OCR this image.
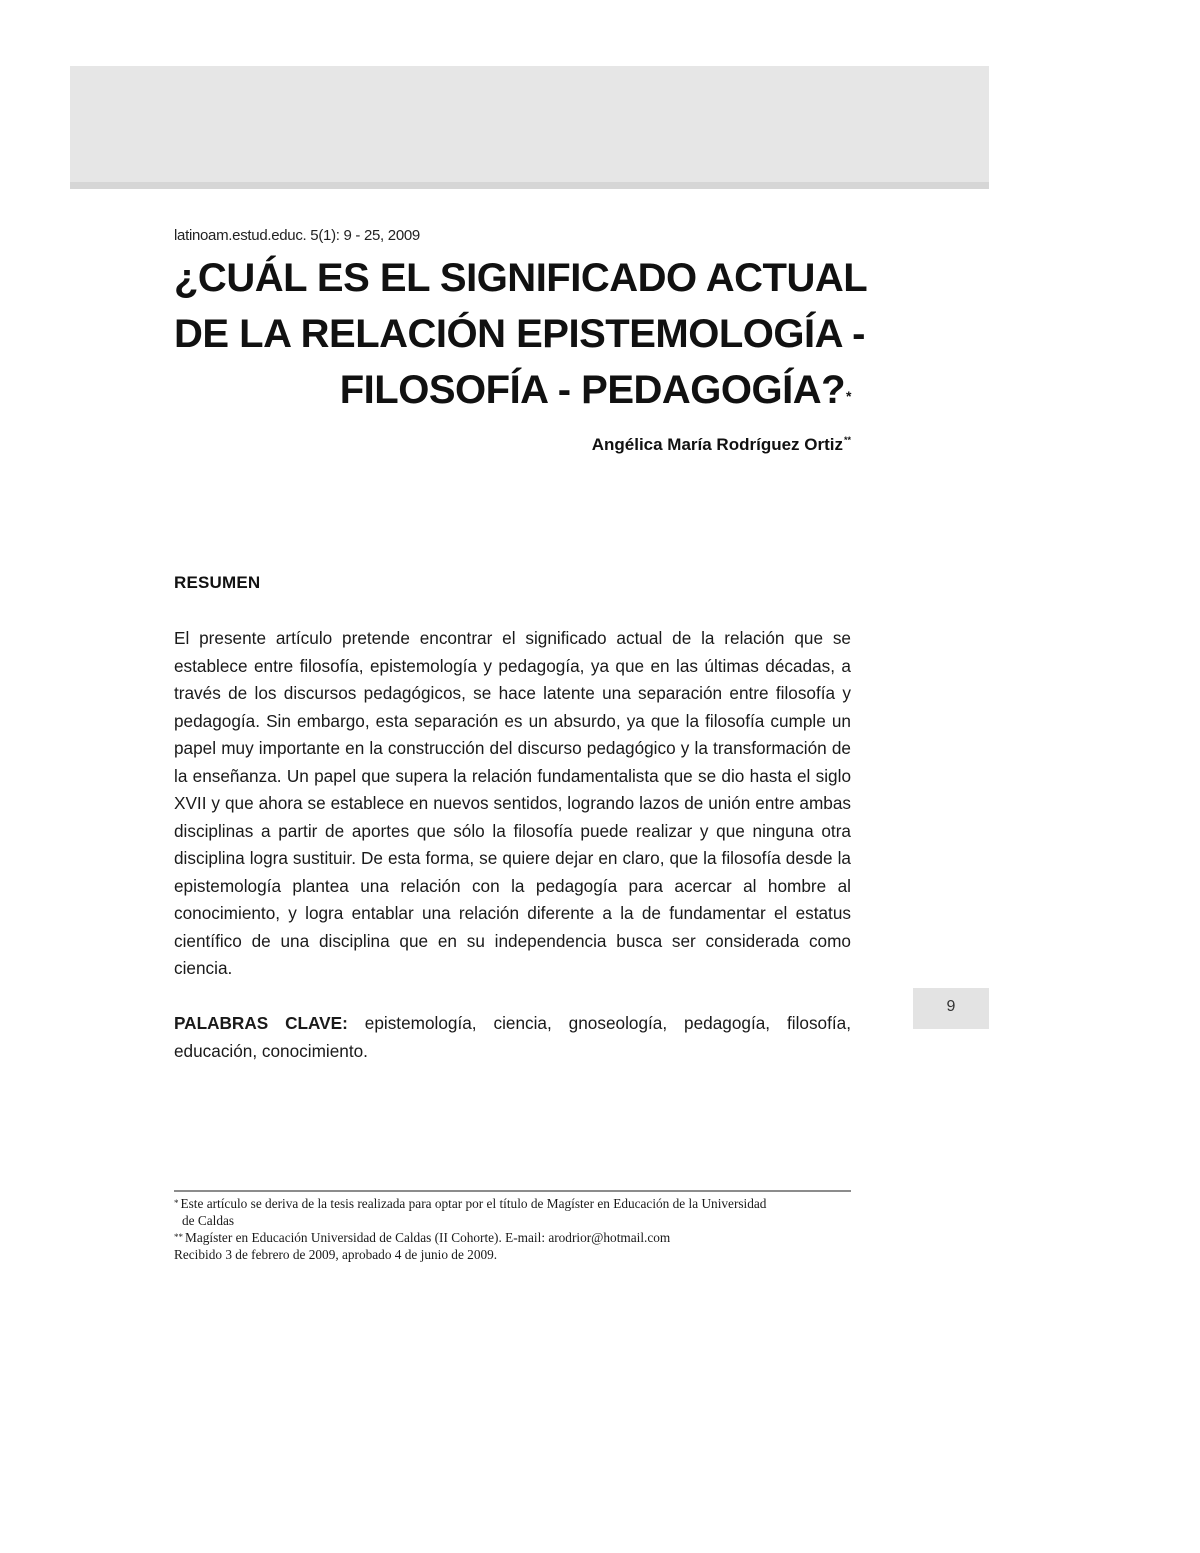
latinoam.estud.educ. 5(1): 9 - 25, 2009
¿CUÁL ES EL SIGNIFICADO ACTUAL
DE LA RELACIÓN EPISTEMOLOGÍA -
FILOSOFÍA - PEDAGOGÍA?*
Angélica María Rodríguez Ortiz**
RESUMEN

El presente artículo pretende encontrar el significado actual de la relación que se establece entre filosofía, epistemología y pedagogía, ya que en las últimas décadas, a través de los discursos pedagógicos, se hace latente una separación entre filosofía y pedagogía. Sin embargo, esta separación es un absurdo, ya que la filosofía cumple un papel muy importante en la construcción del discurso pedagógico y la transformación de la enseñanza. Un papel que supera la relación fundamentalista que se dio hasta el siglo XVII y que ahora se establece en nuevos sentidos, logrando lazos de unión entre ambas disciplinas a partir de aportes que sólo la filosofía puede realizar y que ninguna otra disciplina logra sustituir. De esta forma, se quiere dejar en claro, que la filosofía desde la epistemología plantea una relación con la pedagogía para acercar al hombre al conocimiento, y logra entablar una relación diferente a la de fundamentar el estatus científico de una disciplina que en su independencia busca ser considerada como ciencia.

PALABRAS CLAVE: epistemología, ciencia, gnoseología, pedagogía, filosofía, educación, conocimiento.

9
* Este artículo se deriva de la tesis realizada para optar por el título de Magíster en Educación de la Universidad
de Caldas
** Magíster en Educación Universidad de Caldas (II Cohorte). E-mail: arodrior@hotmail.com
Recibido 3 de febrero de 2009, aprobado 4 de junio de 2009.
